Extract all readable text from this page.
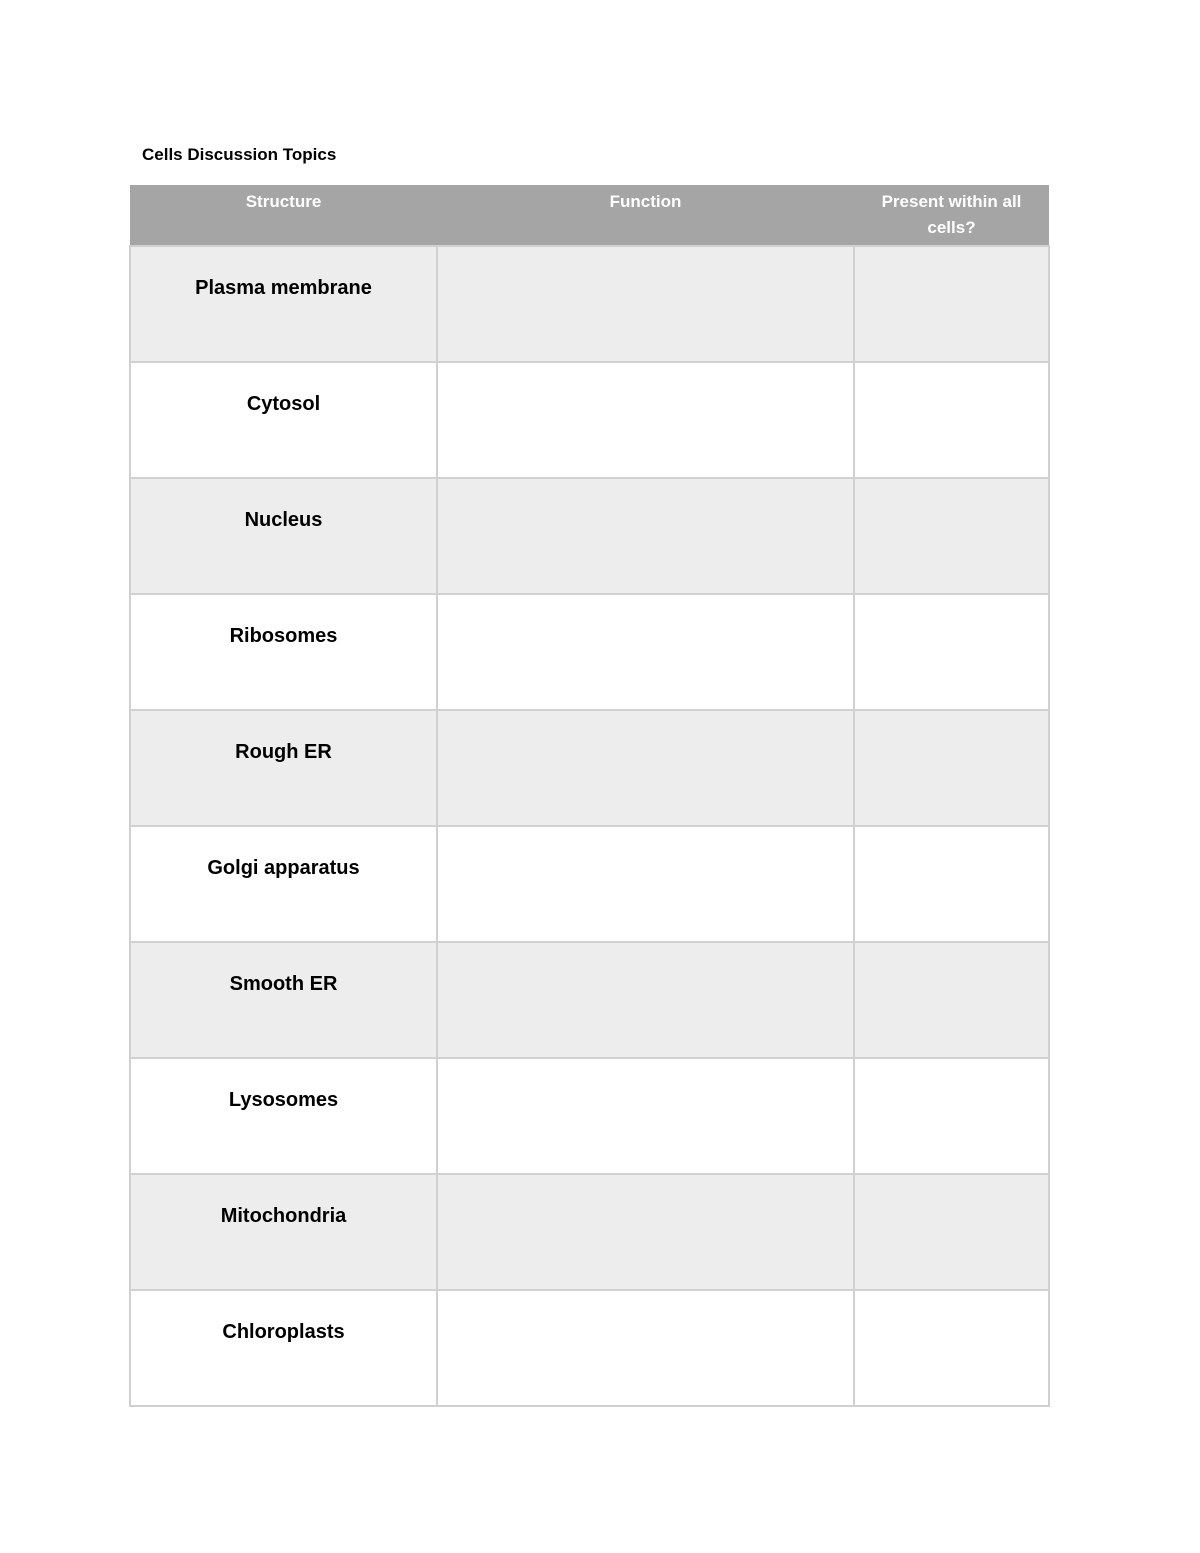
Cells Discussion Topics
Structure	Function	Present within all cells?
Plasma membrane		
Cytosol		
Nucleus		
Ribosomes		
Rough ER		
Golgi apparatus		
Smooth ER		
Lysosomes		
Mitochondria		
Chloroplasts		
